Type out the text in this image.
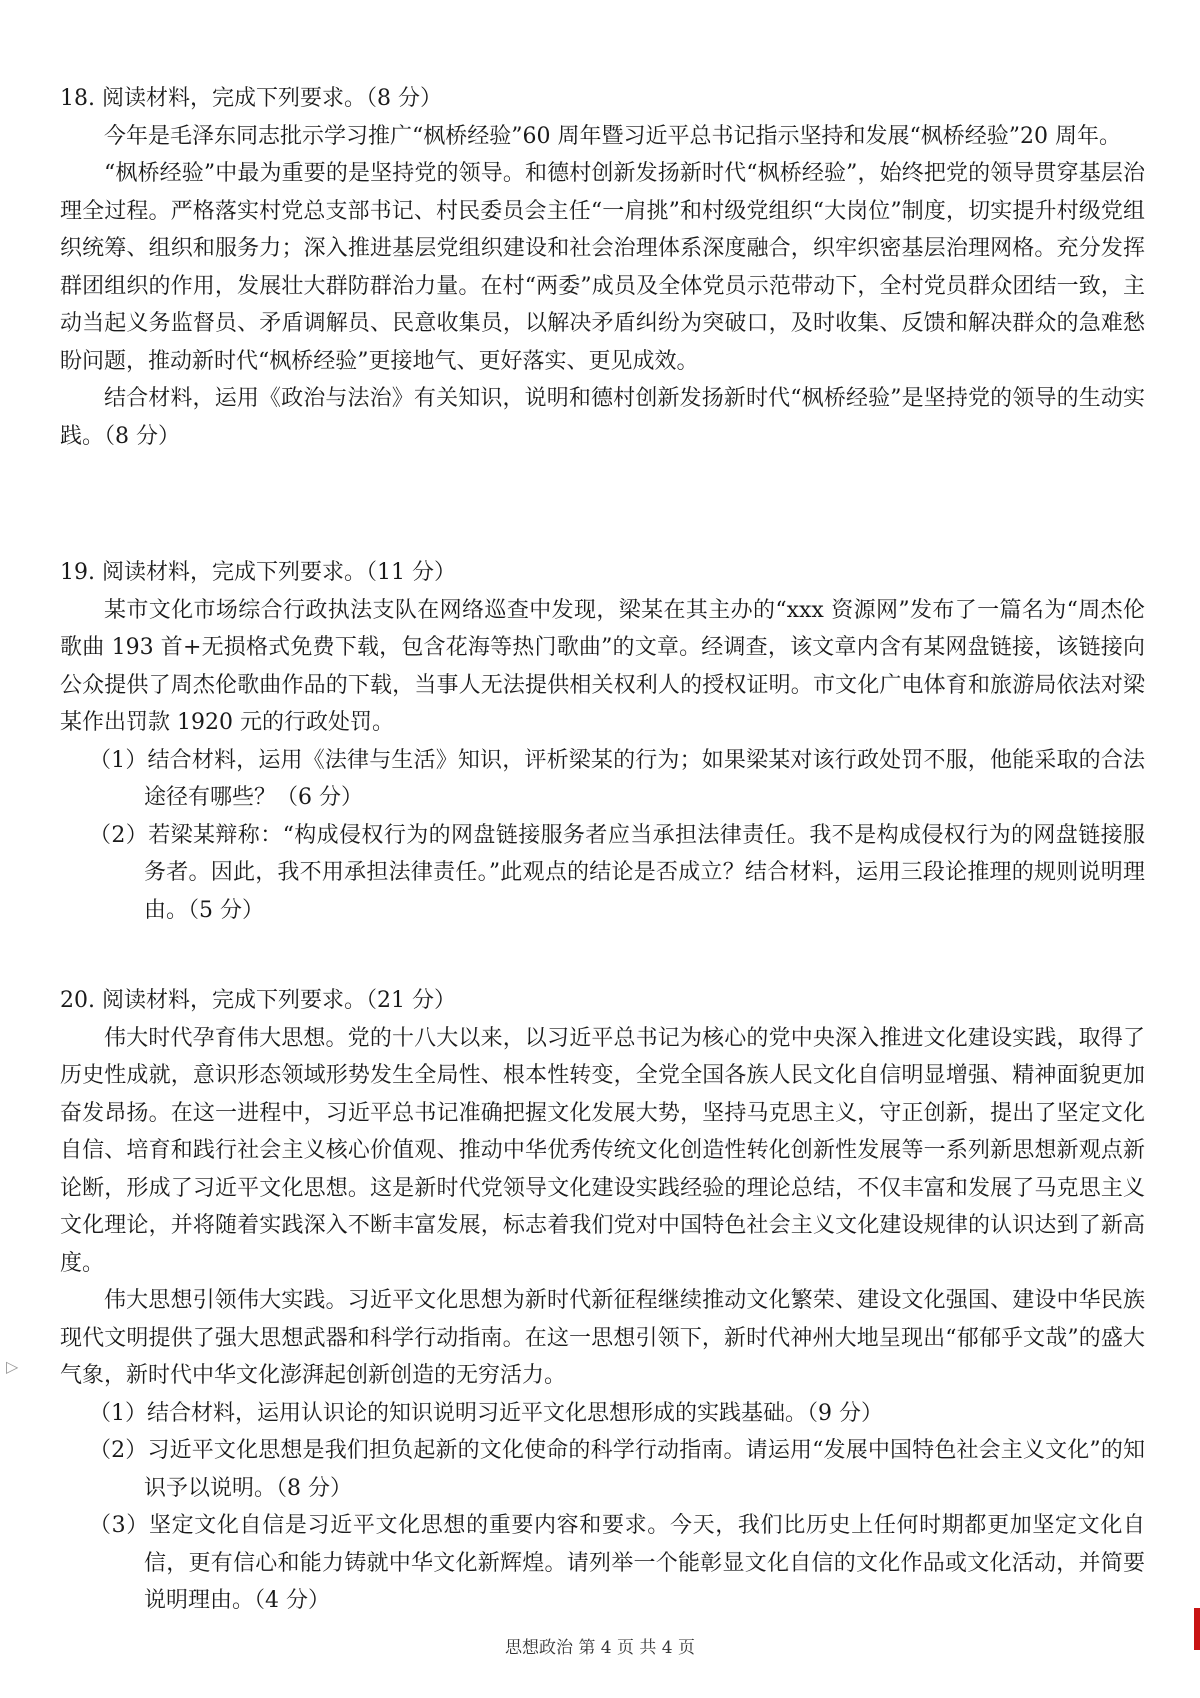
18. 阅读材料，完成下列要求。（8 分）

今年是毛泽东同志批示学习推广“枫桥经验”60 周年暨习近平总书记指示坚持和发展“枫桥经验”20 周年。

“枫桥经验”中最为重要的是坚持党的领导。和德村创新发扬新时代“枫桥经验”，始终把党的领导贯穿基层治理全过程。严格落实村党总支部书记、村民委员会主任“一肩挑”和村级党组织“大岗位”制度，切实提升村级党组织统筹、组织和服务力；深入推进基层党组织建设和社会治理体系深度融合，织牢织密基层治理网格。充分发挥群团组织的作用，发展壮大群防群治力量。在村“两委”成员及全体党员示范带动下，全村党员群众团结一致，主动当起义务监督员、矛盾调解员、民意收集员，以解决矛盾纠纷为突破口，及时收集、反馈和解决群众的急难愁盼问题，推动新时代“枫桥经验”更接地气、更好落实、更见成效。

结合材料，运用《政治与法治》有关知识，说明和德村创新发扬新时代“枫桥经验”是坚持党的领导的生动实践。（8 分）

19. 阅读材料，完成下列要求。（11 分）

某市文化市场综合行政执法支队在网络巡查中发现，梁某在其主办的“xxx 资源网”发布了一篇名为“周杰伦歌曲 193 首+无损格式免费下载，包含花海等热门歌曲”的文章。经调查，该文章内含有某网盘链接，该链接向公众提供了周杰伦歌曲作品的下载，当事人无法提供相关权利人的授权证明。市文化广电体育和旅游局依法对梁某作出罚款 1920 元的行政处罚。

（1）结合材料，运用《法律与生活》知识，评析梁某的行为；如果梁某对该行政处罚不服，他能采取的合法途径有哪些？（6 分）

（2）若梁某辩称：“构成侵权行为的网盘链接服务者应当承担法律责任。我不是构成侵权行为的网盘链接服务者。因此，我不用承担法律责任。”此观点的结论是否成立？结合材料，运用三段论推理的规则说明理由。（5 分）

20. 阅读材料，完成下列要求。（21 分）

伟大时代孕育伟大思想。党的十八大以来，以习近平总书记为核心的党中央深入推进文化建设实践，取得了历史性成就，意识形态领域形势发生全局性、根本性转变，全党全国各族人民文化自信明显增强、精神面貌更加奋发昂扬。在这一进程中，习近平总书记准确把握文化发展大势，坚持马克思主义，守正创新，提出了坚定文化自信、培育和践行社会主义核心价值观、推动中华优秀传统文化创造性转化创新性发展等一系列新思想新观点新论断，形成了习近平文化思想。这是新时代党领导文化建设实践经验的理论总结，不仅丰富和发展了马克思主义文化理论，并将随着实践深入不断丰富发展，标志着我们党对中国特色社会主义文化建设规律的认识达到了新高度。

伟大思想引领伟大实践。习近平文化思想为新时代新征程继续推动文化繁荣、建设文化强国、建设中华民族现代文明提供了强大思想武器和科学行动指南。在这一思想引领下，新时代神州大地呈现出“郁郁乎文哉”的盛大气象，新时代中华文化澎湃起创新创造的无穷活力。

（1）结合材料，运用认识论的知识说明习近平文化思想形成的实践基础。（9 分）

（2）习近平文化思想是我们担负起新的文化使命的科学行动指南。请运用“发展中国特色社会主义文化”的知识予以说明。（8 分）

（3）坚定文化自信是习近平文化思想的重要内容和要求。今天，我们比历史上任何时期都更加坚定文化自信，更有信心和能力铸就中华文化新辉煌。请列举一个能彰显文化自信的文化作品或文化活动，并简要说明理由。（4 分）

▷
思想政治 第 4 页 共 4 页
